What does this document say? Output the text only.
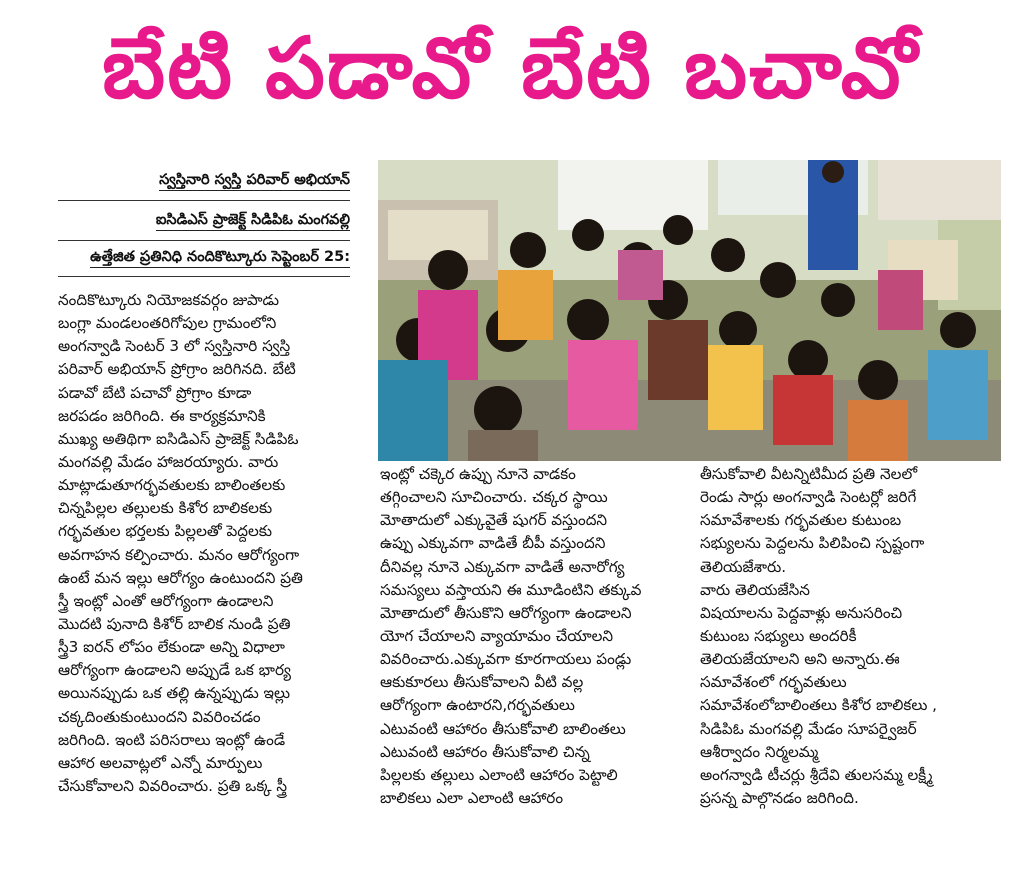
బేటి పడావో బేటి బచావో
స్వస్తినారి స్వస్తి పరివార్ అభియాన్
ఐసిడిఎస్ ప్రాజెక్ట్ సిడిపిఓ మంగవల్లి
ఉత్తేజిత ప్రతినిధి నందికొట్కూరు సెప్టెంబర్ 25:
నందికొట్కూరు నియోజకవర్గం జుపాడు
బంగ్లా మండలంతరిగోపుల గ్రామంలోని
అంగన్వాడి సెంటర్ 3 లో స్వస్తినారి స్వస్తి
పరివార్ అభియాన్ ప్రోగ్రాం జరిగినది. బేటి
పడావో బేటి పచావో ప్రోగ్రాం కూడా
జరపడం జరిగింది. ఈ కార్యక్రమానికి
ముఖ్య అతిథిగా ఐసిడిఎస్ ప్రాజెక్ట్ సిడిపిఓ
మంగవల్లి మేడం హాజరయ్యారు. వారు
మాట్లాడుతూగర్భవతులకు బాలింతలకు
చిన్నపిల్లల తల్లులకు కిశోర బాలికలకు
గర్భవతుల భర్తలకు పిల్లలతో పెద్దలకు
అవగాహన కల్పించారు. మనం ఆరోగ్యంగా
ఉంటే మన ఇల్లు ఆరోగ్యం ఉంటుందని ప్రతి
స్త్రీ ఇంట్లో ఎంతో ఆరోగ్యంగా ఉండాలని
మొదటి పునాది కిశోర్ బాలిక నుండి ప్రతి
స్త్రీ3 ఐరన్ లోపం లేకుండా అన్ని విధాలా
ఆరోగ్యంగా ఉండాలని అప్పుడే ఒక భార్య
అయినప్పుడు ఒక తల్లి ఉన్నప్పుడు ఇల్లు
చక్కదింతుకుంటుందని వివరించడం
జరిగింది. ఇంటి పరిసరాలు ఇంట్లో ఉండే
ఆహార అలవాట్లలో ఎన్నో మార్పులు
చేసుకోవాలని వివరించారు. ప్రతి ఒక్క స్త్రీ
ఇంట్లో చక్కెర ఉప్పు నూనె వాడకం
తగ్గించాలని సూచించారు. చక్కర స్థాయి
మోతాదులో ఎక్కువైతే షుగర్ వస్తుందని
ఉప్పు ఎక్కువగా వాడితే బీపీ వస్తుందని
దీనివల్ల నూనె ఎక్కువగా వాడితే అనారోగ్య
సమస్యలు వస్తాయని ఈ మూడింటిని తక్కువ
మోతాదులో తీసుకొని ఆరోగ్యంగా ఉండాలని
యోగ చేయాలని వ్యాయామం చేయాలని
వివరించారు.ఎక్కువగా కూరగాయలు పండ్లు
ఆకుకూరలు తీసుకోవాలని వీటి వల్ల
ఆరోగ్యంగా ఉంటారని,గర్భవతులు
ఎటువంటి ఆహారం తీసుకోవాలి బాలింతలు
ఎటువంటి ఆహారం తీసుకోవాలి చిన్న
పిల్లలకు తల్లులు ఎలాంటి ఆహారం పెట్టాలి
బాలికలు ఎలా ఎలాంటి ఆహారం
తీసుకోవాలి వీటన్నిటిమీద ప్రతి నెలలో
రెండు సార్లు అంగన్వాడి సెంటర్లో జరిగే
సమావేశాలకు గర్భవతుల కుటుంబ
సభ్యులను పెద్దలను పిలిపించి స్పష్టంగా
తెలియజేశారు.
వారు తెలియజేసిన
విషయాలను పెద్దవాళ్లు అనుసరించి
కుటుంబ సభ్యులు అందరికీ
తెలియజేయాలని అని అన్నారు.ఈ
సమావేశంలో గర్భవతులు
సమావేశంలోబాలింతలు కిశోర బాలికలు ,
సిడిపిఓ మంగవల్లి మేడం సూపర్వైజర్
ఆశీర్వాదం నిర్మలమ్మ
అంగన్వాడి టీచర్లు శ్రీదేవి తులసమ్మ లక్ష్మీ
ప్రసన్న పాల్గొనడం జరిగింది.
